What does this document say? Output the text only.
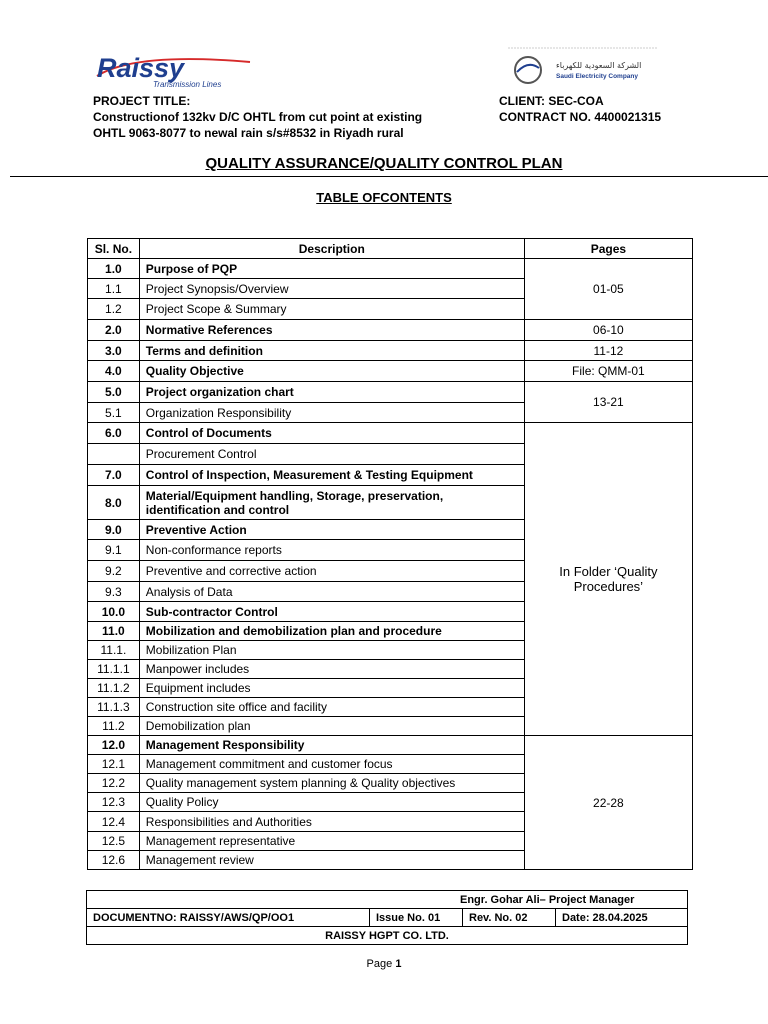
Raissy
Transmission Lines
الشركة السعودية للكهرباء
Saudi Electricity Company
PROJECT TITLE:
Constructionof 132kv D/C OHTL from cut point at existing
OHTL 9063-8077 to newal rain s/s#8532 in Riyadh rural
CLIENT: SEC-COA
CONTRACT NO. 4400021315
QUALITY ASSURANCE/QUALITY CONTROL PLAN
TABLE OFCONTENTS
Sl. No.	Description	Pages
1.0	Purpose of PQP	01-05
1.1	Project Synopsis/Overview	
1.2	Project Scope & Summary	
2.0	Normative References	06-10
3.0	Terms and definition	11-12
4.0	Quality Objective	File: QMM-01
5.0	Project organization chart	13-21
5.1	Organization Responsibility	
6.0	Control of Documents	In Folder ‘Quality Procedures’
	Procurement Control	
7.0	Control of Inspection, Measurement & Testing Equipment	
8.0	Material/Equipment handling, Storage, preservation, identification and control	
9.0	Preventive Action	
9.1	Non-conformance reports	
9.2	Preventive and corrective action	
9.3	Analysis of Data	
10.0	Sub-contractor Control	
11.0	Mobilization and demobilization plan and procedure	
11.1.	Mobilization Plan	
11.1.1	Manpower includes	
11.1.2	Equipment includes	
11.1.3	Construction site office and facility	
11.2	Demobilization plan	
12.0	Management Responsibility	22-28
12.1	Management commitment and customer focus	
12.2	Quality management system planning & Quality objectives	
12.3	Quality Policy	
12.4	Responsibilities and Authorities	
12.5	Management representative	
12.6	Management review	
Engr. Gohar Ali– Project Manager
DOCUMENTNO: RAISSY/AWS/QP/OO1	Issue No. 01	Rev. No. 02	Date: 28.04.2025
RAISSY HGPT CO. LTD.
Page 1
